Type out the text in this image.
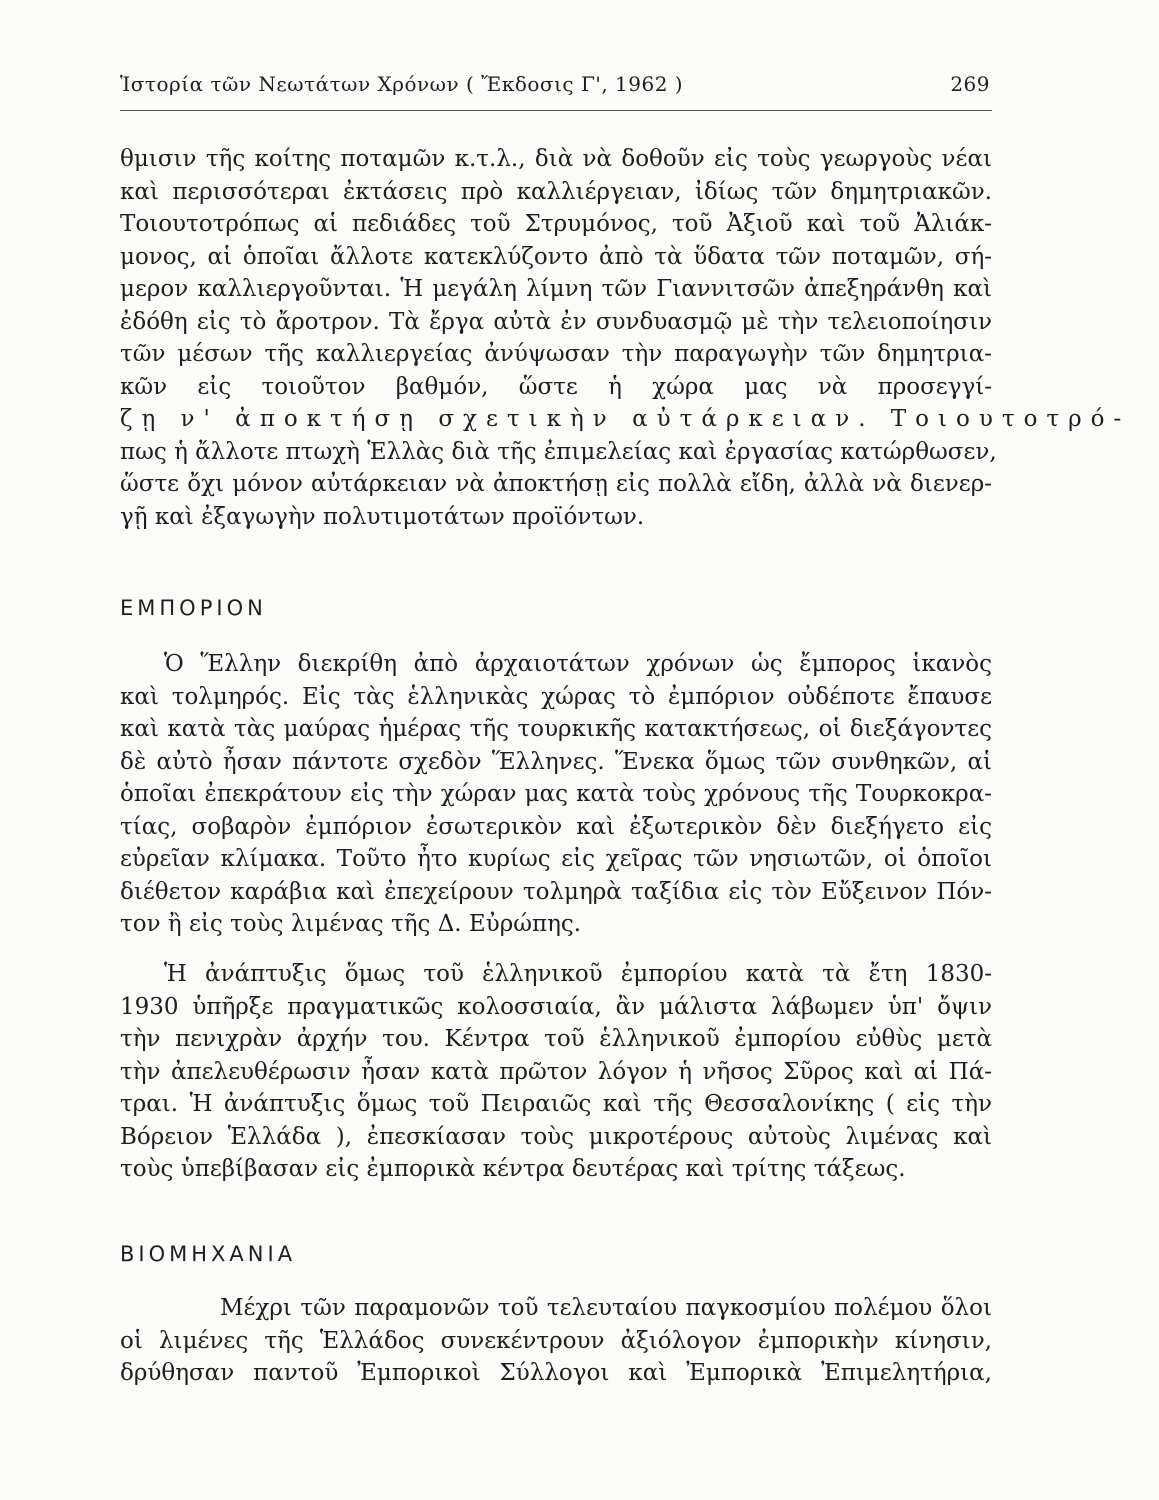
Ἱστορία τῶν Νεωτάτων Χρόνων ( Ἔκδοσις Γ', 1962 )	269
θμισιν τῆς κοίτης ποταμῶν κ.τ.λ., διὰ νὰ δοθοῦν εἰς τοὺς γεωργοὺς νέαι
καὶ περισσότεραι ἐκτάσεις πρὸ καλλιέργειαν, ἰδίως τῶν δημητριακῶν.
Τοιουτοτρόπως αἱ πεδιάδες τοῦ Στρυμόνος, τοῦ Ἀξιοῦ καὶ τοῦ Ἀλιάκ-
μονος, αἱ ὁποῖαι ἄλλοτε κατεκλύζοντο ἀπὸ τὰ ὕδατα τῶν ποταμῶν, σή-
μερον καλλιεργοῦνται. Ἡ μεγάλη λίμνη τῶν Γιαννιτσῶν ἀπεξηράνθη καὶ
ἐδόθη εἰς τὸ ἄροτρον. Τὰ ἔργα αὐτὰ ἐν συνδυασμῷ μὲ τὴν τελειοποίησιν
τῶν μέσων τῆς καλλιεργείας ἀνύψωσαν τὴν παραγωγὴν τῶν δημητρια-
κῶν εἰς τοιοῦτον βαθμόν, ὥστε ἡ χώρα μας νὰ προσεγγί-
ζῃ ν' ἀποκτήσῃ σχετικὴν αὐτάρκειαν. Τοιουτοτρό-
πως ἡ ἄλλοτε πτωχὴ Ἑλλὰς διὰ τῆς ἐπιμελείας καὶ ἐργασίας κατώρθωσεν,
ὥστε ὄχι μόνον αὐτάρκειαν νὰ ἀποκτήσῃ εἰς πολλὰ εἴδη, ἀλλὰ νὰ διενερ-
γῇ καὶ ἐξαγωγὴν πολυτιμοτάτων προϊόντων.
ΕΜΠΟΡΙΟΝ
Ὁ Ἕλλην διεκρίθη ἀπὸ ἀρχαιοτάτων χρόνων ὡς ἔμπορος ἱκανὸς
καὶ τολμηρός. Εἰς τὰς ἑλληνικὰς χώρας τὸ ἐμπόριον οὐδέποτε ἔπαυσε
καὶ κατὰ τὰς μαύρας ἡμέρας τῆς τουρκικῆς κατακτήσεως, οἱ διεξάγοντες
δὲ αὐτὸ ἦσαν πάντοτε σχεδὸν Ἕλληνες. Ἕνεκα ὅμως τῶν συνθηκῶν, αἱ
ὁποῖαι ἐπεκράτουν εἰς τὴν χώραν μας κατὰ τοὺς χρόνους τῆς Τουρκοκρα-
τίας, σοβαρὸν ἐμπόριον ἐσωτερικὸν καὶ ἐξωτερικὸν δὲν διεξήγετο εἰς
εὐρεῖαν κλίμακα. Τοῦτο ἦτο κυρίως εἰς χεῖρας τῶν νησιωτῶν, οἱ ὁποῖοι
διέθετον καράβια καὶ ἐπεχείρουν τολμηρὰ ταξίδια εἰς τὸν Εὔξεινον Πόν-
τον ἢ εἰς τοὺς λιμένας τῆς Δ. Εὐρώπης.
Ἡ ἀνάπτυξις ὅμως τοῦ ἑλληνικοῦ ἐμπορίου κατὰ τὰ ἔτη 1830-
1930 ὑπῆρξε πραγματικῶς κολοσσιαία, ἂν μάλιστα λάβωμεν ὑπ' ὄψιν
τὴν πενιχρὰν ἀρχήν του. Κέντρα τοῦ ἑλληνικοῦ ἐμπορίου εὐθὺς μετὰ
τὴν ἀπελευθέρωσιν ἦσαν κατὰ πρῶτον λόγον ἡ νῆσος Σῦρος καὶ αἱ Πά-
τραι. Ἡ ἀνάπτυξις ὅμως τοῦ Πειραιῶς καὶ τῆς Θεσσαλονίκης ( εἰς τὴν
Βόρειον Ἑλλάδα ), ἐπεσκίασαν τοὺς μικροτέρους αὐτοὺς λιμένας καὶ
τοὺς ὑπεβίβασαν εἰς ἐμπορικὰ κέντρα δευτέρας καὶ τρίτης τάξεως.
ΒΙΟΜΗΧΑΝΙΑ
Μέχρι τῶν παραμονῶν τοῦ τελευταίου παγκοσμίου πολέμου ὅλοι
οἱ λιμένες τῆς Ἑλλάδος συνεκέντρουν ἀξιόλογον ἐμπορικὴν κίνησιν,
δρύθησαν παντοῦ Ἐμπορικοὶ Σύλλογοι καὶ Ἐμπορικὰ Ἐπιμελητήρια,
